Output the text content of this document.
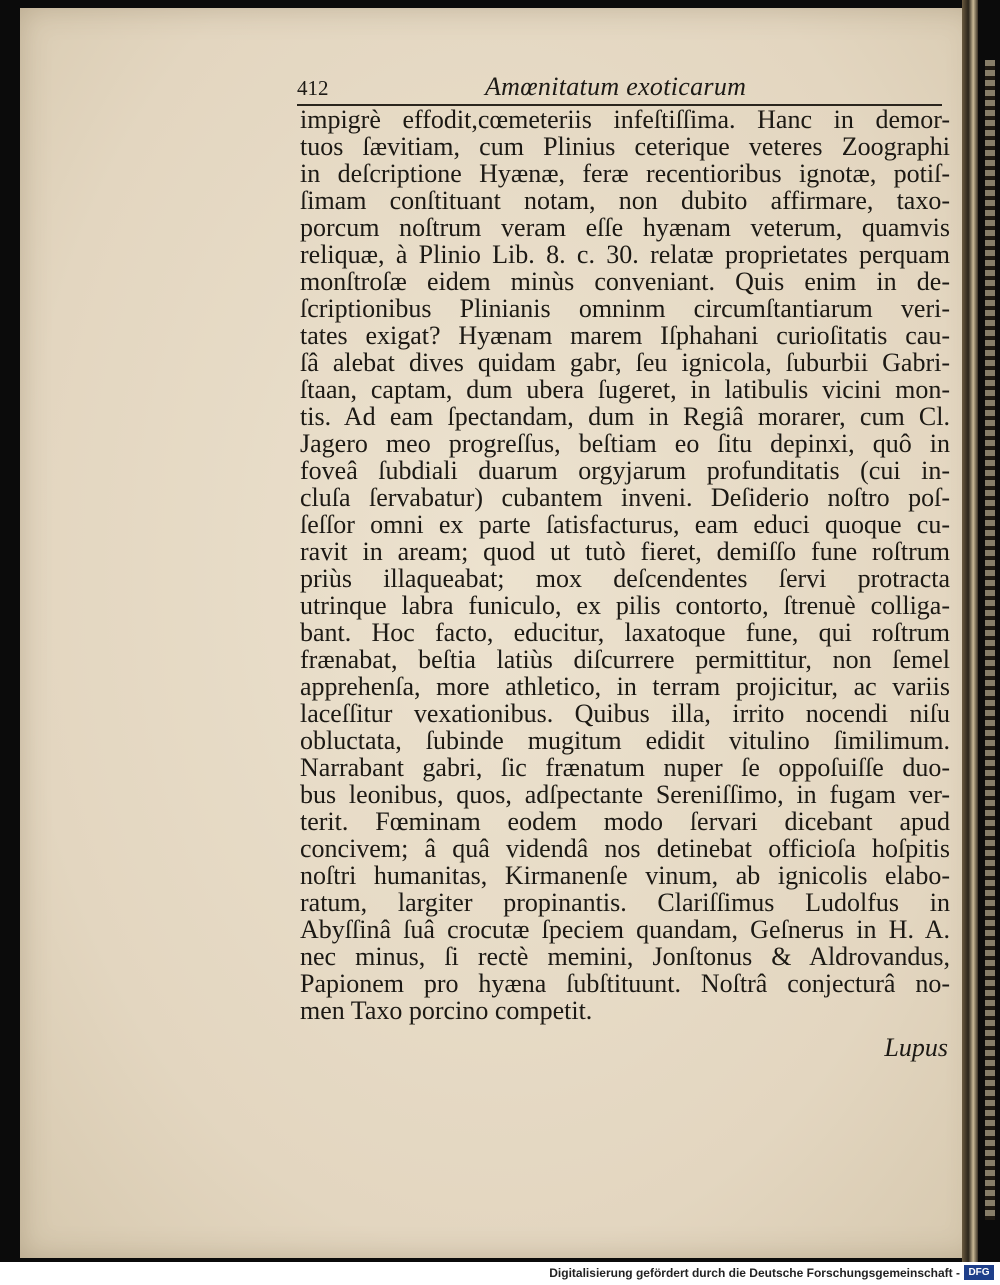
412	Amœnitatum exoticarum
impigrè effodit,cœmeteriis infeſtiſſima. Hanc in demor-
tuos ſævitiam, cum Plinius ceterique veteres Zoographi
in deſcriptione Hyænæ, feræ recentioribus ignotæ, potiſ-
ſimam conſtituant notam, non dubito affirmare, taxo-
porcum noſtrum veram eſſe hyænam veterum, quamvis
reliquæ, à Plinio Lib. 8. c. 30. relatæ proprietates perquam
monſtroſæ eidem minùs conveniant. Quis enim in de-
ſcriptionibus Plinianis omninm circumſtantiarum veri-
tates exigat? Hyænam marem Iſphahani curioſitatis cau-
ſâ alebat dives quidam gabr, ſeu ignicola, ſuburbii Gabri-
ſtaan, captam, dum ubera ſugeret, in latibulis vicini mon-
tis. Ad eam ſpectandam, dum in Regiâ morarer, cum Cl.
Jagero meo progreſſus, beſtiam eo ſitu depinxi, quô in
foveâ ſubdiali duarum orgyjarum profunditatis (cui in-
cluſa ſervabatur) cubantem inveni. Deſiderio noſtro poſ-
ſeſſor omni ex parte ſatisfacturus, eam educi quoque cu-
ravit in aream; quod ut tutò fieret, demiſſo fune roſtrum
priùs illaqueabat; mox deſcendentes ſervi protracta
utrinque labra funiculo, ex pilis contorto, ſtrenuè colliga-
bant. Hoc facto, educitur, laxatoque fune, qui roſtrum
frænabat, beſtia latiùs diſcurrere permittitur, non ſemel
apprehenſa, more athletico, in terram projicitur, ac variis
laceſſitur vexationibus. Quibus illa, irrito nocendi niſu
obluctata, ſubinde mugitum edidit vitulino ſimilimum.
Narrabant gabri, ſic frænatum nuper ſe oppoſuiſſe duo-
bus leonibus, quos, adſpectante Sereniſſimo, in fugam ver-
terit. Fœminam eodem modo ſervari dicebant apud
concivem; â quâ videndâ nos detinebat officioſa hoſpitis
noſtri humanitas, Kirmanenſe vinum, ab ignicolis elabo-
ratum, largiter propinantis. Clariſſimus Ludolfus in
Abyſſinâ ſuâ crocutæ ſpeciem quandam, Geſnerus in H. A.
nec minus, ſi rectè memini, Jonſtonus & Aldrovandus,
Papionem pro hyæna ſubſtituunt. Noſtrâ conjecturâ no-
men Taxo porcino competit.
Lupus
Digitalisierung gefördert durch die Deutsche Forschungsgemeinschaft - DFG
